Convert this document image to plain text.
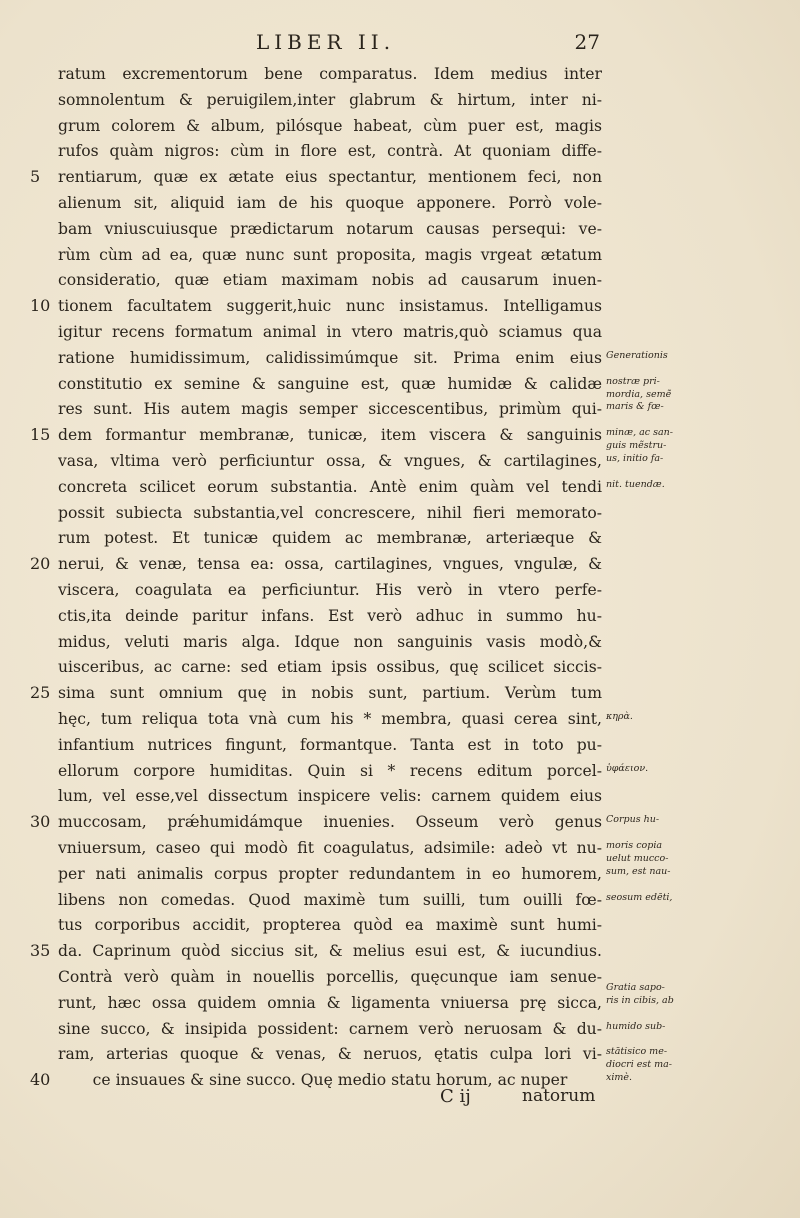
LIBER II.	27
ratum excrementorum bene comparatus. Idem medius inter
somnolentum & peruigilem,inter glabrum & hirtum, inter ni-
grum colorem & album, pilósque habeat, cùm puer est, magis
rufos quàm nigros: cùm in flore est, contrà. At quoniam diffe-
rentiarum, quæ ex ætate eius spectantur, mentionem feci, non
alienum sit, aliquid iam de his quoque apponere. Porrò vole-
bam vniuscuiusque prædictarum notarum causas persequi: ve-
rùm cùm ad ea, quæ nunc sunt proposita, magis vrgeat ætatum
consideratio, quæ etiam maximam nobis ad causarum inuen-
tionem facultatem suggerit,huic nunc insistamus. Intelligamus
igitur recens formatum animal in vtero matris,quò sciamus qua
ratione humidissimum, calidissimúmque sit. Prima enim eius
constitutio ex semine & sanguine est, quæ humidæ & calidæ
res sunt. His autem magis semper siccescentibus, primùm qui-
dem formantur membranæ, tunicæ, item viscera & sanguinis
vasa, vltima verò perficiuntur ossa, & vngues, & cartilagines,
concreta scilicet eorum substantia. Antè enim quàm vel tendi
possit subiecta substantia,vel concrescere, nihil fieri memorato-
rum potest. Et tunicæ quidem ac membranæ, arteriæque &
nerui, & venæ, tensa ea: ossa, cartilagines, vngues, vngulæ, &
viscera, coagulata ea perficiuntur. His verò in vtero perfe-
ctis,ita deinde paritur infans. Est verò adhuc in summo hu-
midus, veluti maris alga. Idque non sanguinis vasis modò,&
uisceribus, ac carne: sed etiam ipsis ossibus, quę scilicet siccis-
sima sunt omnium quę in nobis sunt, partium. Verùm tum
hęc, tum reliqua tota vnà cum his * membra, quasi cerea sint,
infantium nutrices fingunt, formantque. Tanta est in toto pu-
ellorum corpore humiditas. Quin si * recens editum porcel-
lum, vel esse,vel dissectum inspicere velis: carnem quidem eius
muccosam, prǽhumidámque inuenies. Osseum verò genus
vniuersum, caseo qui modò fit coagulatus, adsimile: adeò vt nu-
per nati animalis corpus propter redundantem in eo humorem,
libens non comedas. Quod maximè tum suilli, tum ouilli fœ-
tus corporibus accidit, propterea quòd ea maximè sunt humi-
da. Caprinum quòd siccius sit, & melius esui est, & iucundius.
Contrà verò quàm in nouellis porcellis, quęcunque iam senue-
runt, hæc ossa quidem omnia & ligamenta vniuersa prę sicca,
sine succo, & insipida possident: carnem verò neruosam & du-
ram, arterias quoque & venas, & neruos, ętatis culpa lori vi-
ce insuaues & sine succo. Quę medio statu horum, ac nuper
5
10
15
20
25
30
35
40
Generationis
nostræ pri-
mordia, semẽ
maris & fœ-
minæ, ac san-
guis mẽstru-
us, initio fa-
nit. tuendæ.
κηρὰ.
ὑφάειον.
Corpus hu-
moris copia
uelut mucco-
sum, est nau-
seosum edēti,
Gratia sapo-
ris in cibis, ab
humido sub-
stātisico me-
diocri est ma-
ximè.
C ij	natorum
